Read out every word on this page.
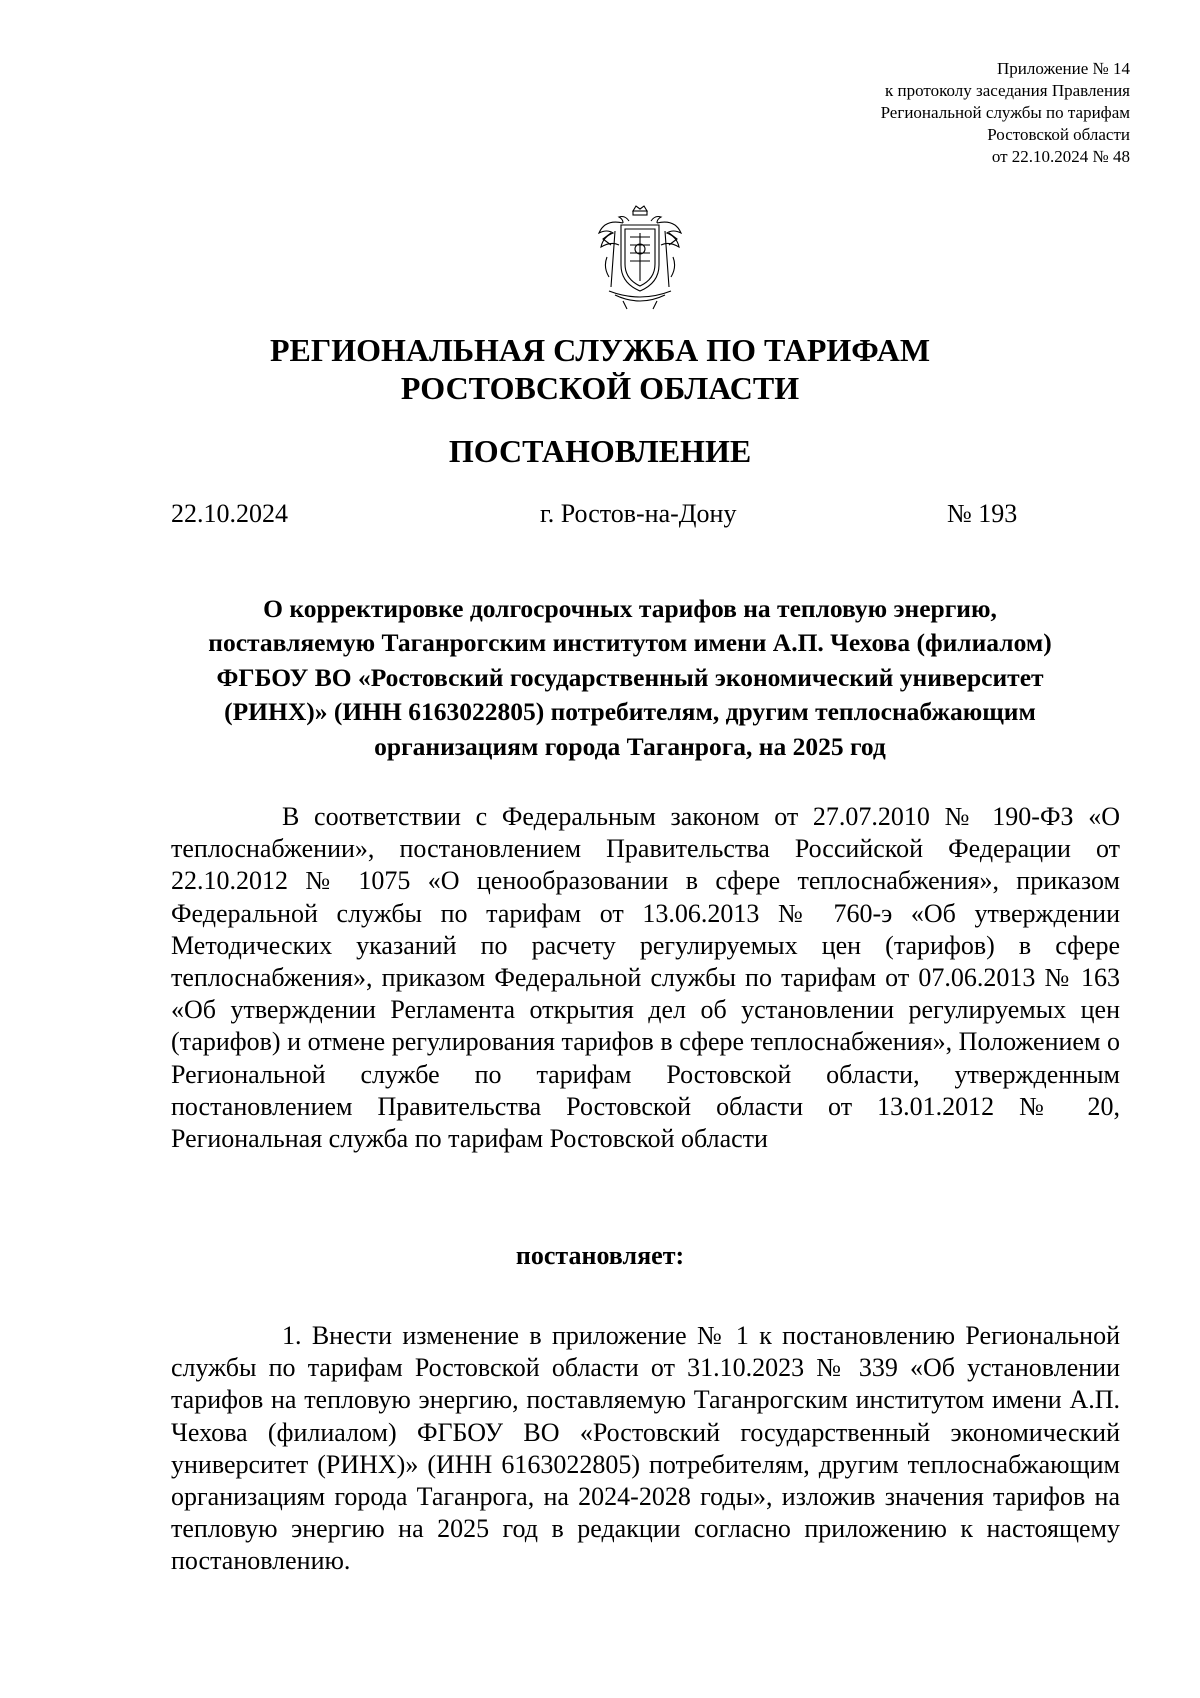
Приложение № 14
к протоколу заседания Правления
Региональной службы по тарифам
Ростовской области
от 22.10.2024 № 48
РЕГИОНАЛЬНАЯ СЛУЖБА ПО ТАРИФАМ
РОСТОВСКОЙ ОБЛАСТИ
ПОСТАНОВЛЕНИЕ
22.10.2024	г. Ростов-на-Дону	№ 193
О корректировке долгосрочных тарифов на тепловую энергию,
поставляемую Таганрогским институтом имени А.П. Чехова (филиалом)
ФГБОУ ВО «Ростовский государственный экономический университет
(РИНХ)» (ИНН 6163022805) потребителям, другим теплоснабжающим
организациям города Таганрога, на 2025 год
В соответствии с Федеральным законом от 27.07.2010 № 190-ФЗ «О теплоснабжении», постановлением Правительства Российской Федерации от 22.10.2012 № 1075 «О ценообразовании в сфере теплоснабжения», приказом Федеральной службы по тарифам от 13.06.2013 № 760-э «Об утверждении Методических указаний по расчету регулируемых цен (тарифов) в сфере теплоснабжения», приказом Федеральной службы по тарифам от 07.06.2013 № 163 «Об утверждении Регламента открытия дел об установлении регулируемых цен (тарифов) и отмене регулирования тарифов в сфере теплоснабжения», Положением о Региональной службе по тарифам Ростовской области, утвержденным постановлением Правительства Ростовской области от 13.01.2012 № 20, Региональная служба по тарифам Ростовской области
постановляет:
1. Внести изменение в приложение № 1 к постановлению Региональной службы по тарифам Ростовской области от 31.10.2023 № 339 «Об установлении тарифов на тепловую энергию, поставляемую Таганрогским институтом имени А.П. Чехова (филиалом) ФГБОУ ВО «Ростовский государственный экономический университет (РИНХ)» (ИНН 6163022805) потребителям, другим теплоснабжающим организациям города Таганрога, на 2024-2028 годы», изложив значения тарифов на тепловую энергию на 2025 год в редакции согласно приложению к настоящему постановлению.
